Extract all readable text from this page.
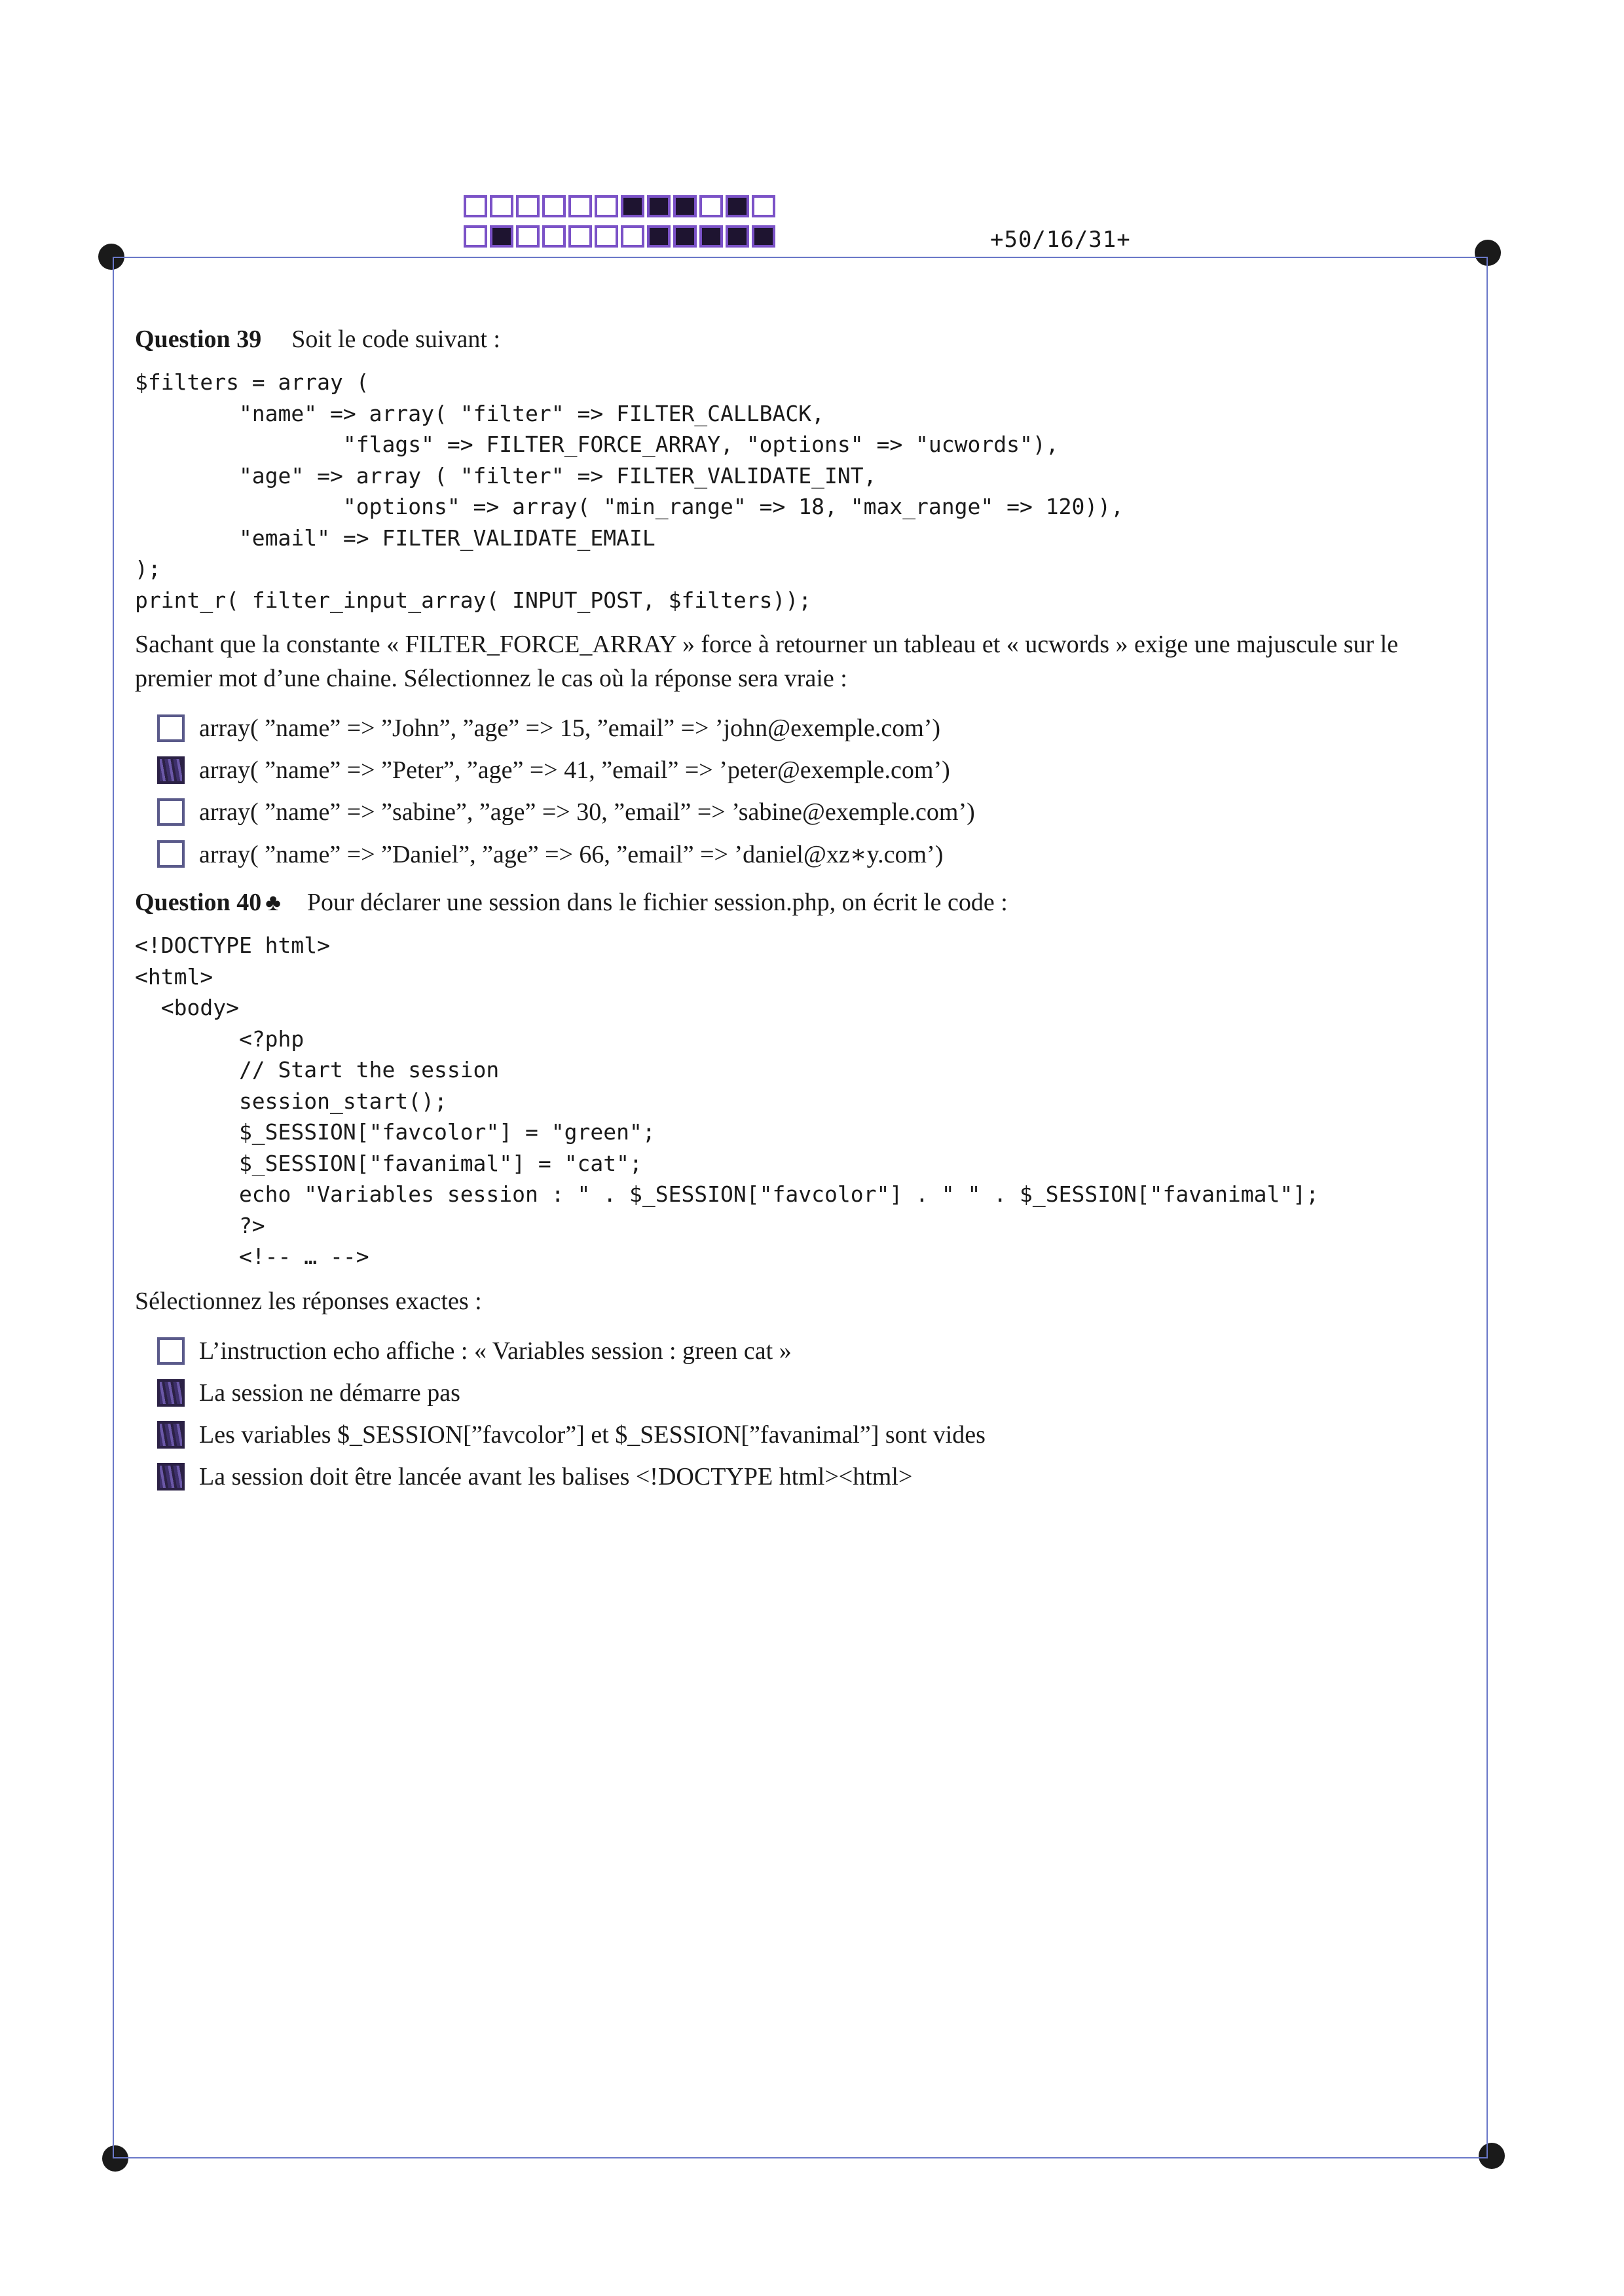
+50/16/31+

Question 39 Soit le code suivant :

$filters = array (
"name" => array( "filter" => FILTER_CALLBACK,
"flags" => FILTER_FORCE_ARRAY, "options" => "ucwords"),
"age" => array ( "filter" => FILTER_VALIDATE_INT,
"options" => array( "min_range" => 18, "max_range" => 120)),
"email" => FILTER_VALIDATE_EMAIL
);
print_r( filter_input_array( INPUT_POST, $filters));

Sachant que la constante « FILTER_FORCE_ARRAY » force à retourner un tableau et « ucwords » exige une majuscule sur le premier mot d’une chaine. Sélectionnez le cas où la réponse sera vraie :

array( ”name” => ”John”, ”age” => 15, ”email” => ’john@exemple.com’)
array( ”name” => ”Peter”, ”age” => 41, ”email” => ’peter@exemple.com’)
array( ”name” => ”sabine”, ”age” => 30, ”email” => ’sabine@exemple.com’)
array( ”name” => ”Daniel”, ”age” => 66, ”email” => ’daniel@xz∗y.com’)

Question 40 ♣ Pour déclarer une session dans le fichier session.php, on écrit le code :

<!DOCTYPE html>
<html>
<body>
<?php
// Start the session
session_start();
$_SESSION["favcolor"] = "green";
$_SESSION["favanimal"] = "cat";
echo "Variables session : " . $_SESSION["favcolor"] . " " . $_SESSION["favanimal"];
?>
<!-- … -->

Sélectionnez les réponses exactes :

L’instruction echo affiche : « Variables session : green cat »
La session ne démarre pas
Les variables $_SESSION[”favcolor”] et $_SESSION[”favanimal”] sont vides
La session doit être lancée avant les balises <!DOCTYPE html><html>
